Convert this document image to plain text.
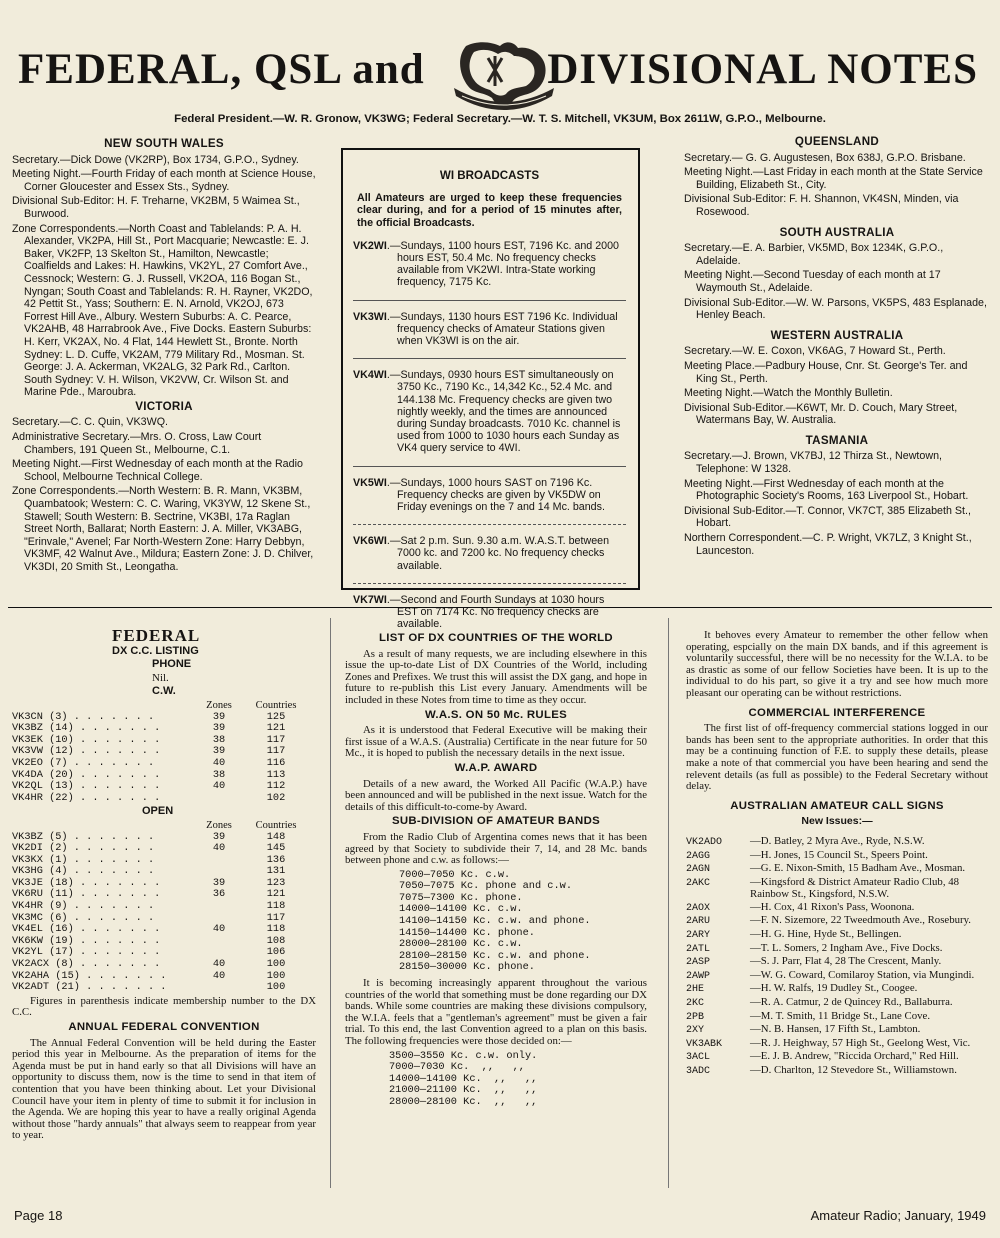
FEDERAL, QSL and	DIVISIONAL NOTES
Federal President.—W. R. Gronow, VK3WG; Federal Secretary.—W. T. S. Mitchell, VK3UM, Box 2611W, G.P.O., Melbourne.
NEW SOUTH WALES

Secretary.—Dick Dowe (VK2RP), Box 1734, G.P.O., Sydney.

Meeting Night.—Fourth Friday of each month at Science House, Corner Gloucester and Essex Sts., Sydney.

Divisional Sub-Editor: H. F. Treharne, VK2BM, 5 Waimea St., Burwood.

Zone Correspondents.—North Coast and Tablelands: P. A. H. Alexander, VK2PA, Hill St., Port Macquarie; Newcastle: E. J. Baker, VK2FP, 13 Skelton St., Hamilton, Newcastle; Coalfields and Lakes: H. Hawkins, VK2YL, 27 Comfort Ave., Cessnock; Western: G. J. Russell, VK2OA, 116 Bogan St., Nyngan; South Coast and Tablelands: R. H. Rayner, VK2DO, 42 Pettit St., Yass; Southern: E. N. Arnold, VK2OJ, 673 Forrest Hill Ave., Albury. Western Suburbs: A. C. Pearce, VK2AHB, 48 Harrabrook Ave., Five Docks. Eastern Suburbs: H. Kerr, VK2AX, No. 4 Flat, 144 Hewlett St., Bronte. North Sydney: L. D. Cuffe, VK2AM, 779 Military Rd., Mosman. St. George: J. A. Ackerman, VK2ALG, 32 Park Rd., Carlton. South Sydney: V. H. Wilson, VK2VW, Cr. Wilson St. and Marine Pde., Maroubra.

VICTORIA

Secretary.—C. C. Quin, VK3WQ.

Administrative Secretary.—Mrs. O. Cross, Law Court Chambers, 191 Queen St., Melbourne, C.1.

Meeting Night.—First Wednesday of each month at the Radio School, Melbourne Technical College.

Zone Correspondents.—North Western: B. R. Mann, VK3BM, Quambatook; Western: C. C. Waring, VK3YW, 12 Skene St., Stawell; South Western: B. Sectrine, VK3BI, 17a Raglan Street North, Ballarat; North Eastern: J. A. Miller, VK3ABG, "Erinvale," Avenel; Far North-Western Zone: Harry Debbyn, VK3MF, 42 Walnut Ave., Mildura; Eastern Zone: J. D. Chilver, VK3DI, 20 Smith St., Leongatha.

WI BROADCASTS
All Amateurs are urged to keep these frequencies clear during, and for a period of 15 minutes after, the official Broadcasts.
VK2WI.—Sundays, 1100 hours EST, 7196 Kc. and 2000 hours EST, 50.4 Mc. No frequency checks available from VK2WI. Intra-State working frequency, 7175 Kc.
VK3WI.—Sundays, 1130 hours EST 7196 Kc. Individual frequency checks of Amateur Stations given when VK3WI is on the air.
VK4WI.—Sundays, 0930 hours EST simultaneously on 3750 Kc., 7190 Kc., 14,342 Kc., 52.4 Mc. and 144.138 Mc. Frequency checks are given two nightly weekly, and the times are announced during Sunday broadcasts. 7010 Kc. channel is used from 1000 to 1030 hours each Sunday as VK4 query service to 4WI.
VK5WI.—Sundays, 1000 hours SAST on 7196 Kc. Frequency checks are given by VK5DW on Friday evenings on the 7 and 14 Mc. bands.
VK6WI.—Sat 2 p.m. Sun. 9.30 a.m. W.A.S.T. between 7000 kc. and 7200 kc. No frequency checks available.
VK7WI.—Second and Fourth Sundays at 1030 hours EST on 7174 Kc. No frequency checks are available.
QUEENSLAND

Secretary.— G. G. Augustesen, Box 638J, G.P.O. Brisbane.

Meeting Night.—Last Friday in each month at the State Service Building, Elizabeth St., City.

Divisional Sub-Editor: F. H. Shannon, VK4SN, Minden, via Rosewood.

SOUTH AUSTRALIA

Secretary.—E. A. Barbier, VK5MD, Box 1234K, G.P.O., Adelaide.

Meeting Night.—Second Tuesday of each month at 17 Waymouth St., Adelaide.

Divisional Sub-Editor.—W. W. Parsons, VK5PS, 483 Esplanade, Henley Beach.

WESTERN AUSTRALIA

Secretary.—W. E. Coxon, VK6AG, 7 Howard St., Perth.

Meeting Place.—Padbury House, Cnr. St. George's Ter. and King St., Perth.

Meeting Night.—Watch the Monthly Bulletin.

Divisional Sub-Editor.—K6WT, Mr. D. Couch, Mary Street, Watermans Bay, W. Australia.

TASMANIA

Secretary.—J. Brown, VK7BJ, 12 Thirza St., Newtown, Telephone: W 1328.

Meeting Night.—First Wednesday of each month at the Photographic Society's Rooms, 163 Liverpool St., Hobart.

Divisional Sub-Editor.—T. Connor, VK7CT, 385 Elizabeth St., Hobart.

Northern Correspondent.—C. P. Wright, VK7LZ, 3 Knight St., Launceston.

FEDERAL
DX C.C. LISTING
PHONE
Nil.
C.W.
	Zones	Countries
VK3CN (3) . . . . . . .	39	125
VK3BZ (14) . . . . . . .	39	121
VK3EK (10) . . . . . . .	38	117
VK3VW (12) . . . . . . .	39	117
VK2EO (7) . . . . . . .	40	116
VK4DA (20) . . . . . . .	38	113
VK2QL (13) . . . . . . .	40	112
VK4HR (22) . . . . . . .		102
OPEN
	Zones	Countries
VK3BZ (5) . . . . . . .	39	148
VK2DI (2) . . . . . . .	40	145
VK3KX (1) . . . . . . .		136
VK3HG (4) . . . . . . .		131
VK3JE (18) . . . . . . .	39	123
VK6RU (11) . . . . . . .	36	121
VK4HR (9) . . . . . . .		118
VK3MC (6) . . . . . . .		117
VK4EL (16) . . . . . . .	40	118
VK6KW (19) . . . . . . .		108
VK2YL (17) . . . . . . .		106
VK2ACX (8) . . . . . . .	40	100
VK2AHA (15) . . . . . . .	40	100
VK2ADT (21) . . . . . . .		100

Figures in parenthesis indicate membership number to the DX C.C.

ANNUAL FEDERAL CONVENTION

The Annual Federal Convention will be held during the Easter period this year in Melbourne. As the preparation of items for the Agenda must be put in hand early so that all Divisions will have an opportunity to discuss them, now is the time to send in that item of contention that you have been thinking about. Let your Divisional Council have your item in plenty of time to submit it for inclusion in the Agenda. We are hoping this year to have a really original Agenda without those "hardy annuals" that always seem to reappear from year to year.

LIST OF DX COUNTRIES OF THE WORLD

As a result of many requests, we are including elsewhere in this issue the up-to-date List of DX Countries of the World, including Zones and Prefixes. We trust this will assist the DX gang, and hope in future to re-publish this List every January. Amendments will be included in these Notes from time to time as they occur.

W.A.S. ON 50 Mc. RULES

As it is understood that Federal Executive will be making their first issue of a W.A.S. (Australia) Certificate in the near future for 50 Mc., it is hoped to publish the necessary details in the next issue.

W.A.P. AWARD

Details of a new award, the Worked All Pacific (W.A.P.) have been announced and will be published in the next issue. Watch for the details of this difficult-to-come-by Award.

SUB-DIVISION OF AMATEUR BANDS

From the Radio Club of Argentina comes news that it has been agreed by that Society to subdivide their 7, 14, and 28 Mc. bands between phone and c.w. as follows:—

7000—7050 Kc. c.w.
7050—7075 Kc. phone and c.w.
7075—7300 Kc. phone.
14000—14100 Kc. c.w.
14100—14150 Kc. c.w. and phone.
14150—14400 Kc. phone.
28000—28100 Kc. c.w.
28100—28150 Kc. c.w. and phone.
28150—30000 Kc. phone.

It is becoming increasingly apparent throughout the various countries of the world that something must be done regarding our DX bands. While some countries are making these divisions compulsory, the W.I.A. feels that a "gentleman's agreement" must be given a fair trial. To this end, the last Convention agreed to a plan on this basis. The following frequencies were those decided on:—

3500—3550 Kc. c.w. only.
7000—7030 Kc.  ,,   ,,
14000—14100 Kc.  ,,   ,,
21000—21100 Kc.  ,,   ,,
28000—28100 Kc.  ,,   ,,

It behoves every Amateur to remember the other fellow when operating, espcially on the main DX bands, and if this agreement is voluntarily successful, there will be no necessity for the W.I.A. to be as drastic as some of our fellow Societies have been. It is up to the individual to do his part, so give it a try and see how much more pleasant our operating can be without restrictions.

COMMERCIAL INTERFERENCE

The first list of off-frequency commercial stations logged in our bands has been sent to the appropriate authorities. In order that this may be a continuing function of F.E. to supply these details, please make a note of that commercial you have been hearing and send the relevent details (as full as possible) to the Federal Secretary without delay.

AUSTRALIAN AMATEUR CALL SIGNS
New Issues:—

VK2ADO	—D. Batley, 2 Myra Ave., Ryde, N.S.W.

2AGG	—H. Jones, 15 Council St., Speers Point.

2AGN	—G. E. Nixon-Smith, 15 Badham Ave., Mosman.

2AKC	—Kingsford & District Amateur Radio Club, 48 Rainbow St., Kingsford, N.S.W.

2AOX	—H. Cox, 41 Rixon's Pass, Woonona.

2ARU	—F. N. Sizemore, 22 Tweedmouth Ave., Rosebury.

2ARY	—H. G. Hine, Hyde St., Bellingen.

2ATL	—T. L. Somers, 2 Ingham Ave., Five Docks.

2ASP	—S. J. Parr, Flat 4, 28 The Crescent, Manly.

2AWP	—W. G. Coward, Comilaroy Station, via Mungindi.

2HE	—H. W. Ralfs, 19 Dudley St., Coogee.

2KC	—R. A. Catmur, 2 de Quincey Rd., Ballaburra.

2PB	—M. T. Smith, 11 Bridge St., Lane Cove.

2XY	—N. B. Hansen, 17 Fifth St., Lambton.

VK3ABK	—R. J. Heighway, 57 High St., Geelong West, Vic.

3ACL	—E. J. B. Andrew, "Riccida Orchard," Red Hill.

3ADC	—D. Charlton, 12 Stevedore St., Williamstown.

Page 18	Amateur Radio; January, 1949
